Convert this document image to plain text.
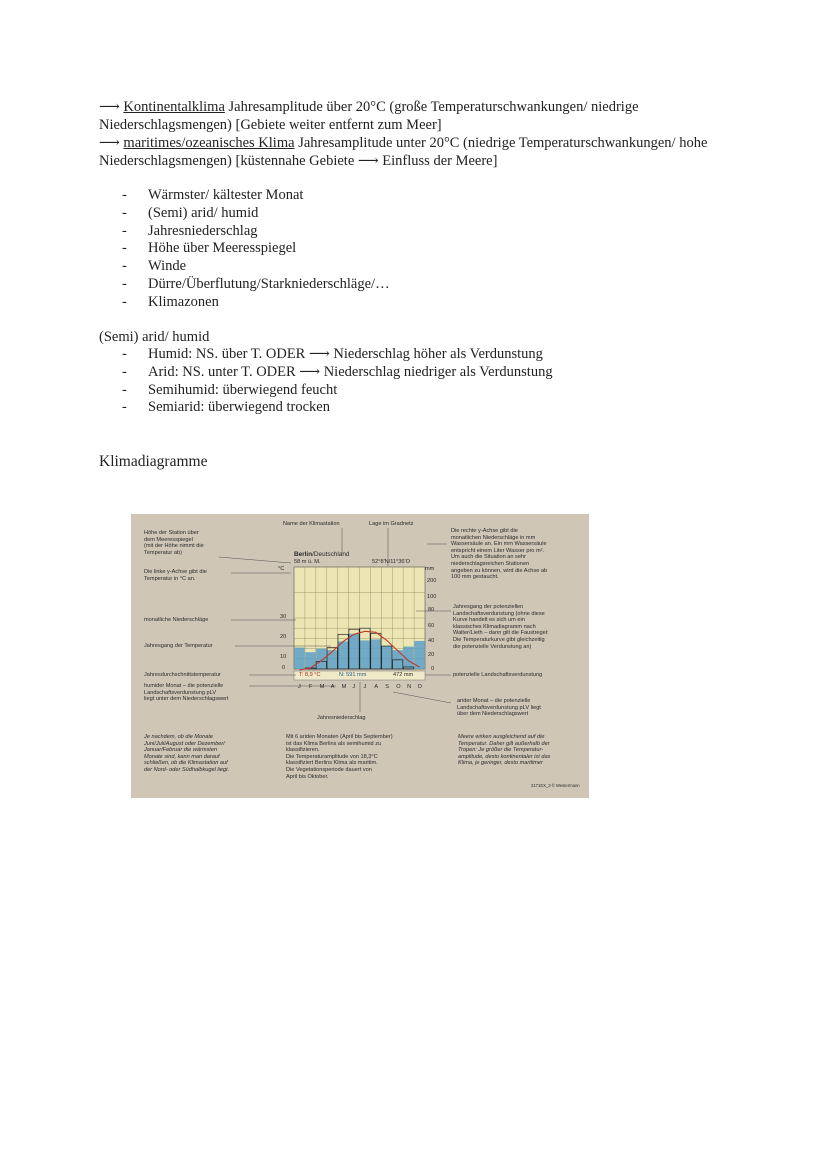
⟶ Kontinentalklima Jahresamplitude über 20°C (große Temperaturschwankungen/ niedrige Niederschlagsmengen) [Gebiete weiter entfernt zum Meer]
⟶ maritimes/ozeanisches Klima Jahresamplitude unter 20°C (niedrige Temperaturschwankungen/ hohe Niederschlagsmengen) [küstennahe Gebiete ⟶ Einfluss der Meere]
- Wärmster/ kältester Monat
- (Semi) arid/ humid
- Jahresniederschlag
- Höhe über Meeresspiegel
- Winde
- Dürre/Überflutung/Starkniederschläge/…
- Klimazonen
(Semi) arid/ humid
- Humid: NS. über T. ODER ⟶ Niederschlag höher als Verdunstung
- Arid: NS. unter T. ODER ⟶ Niederschlag niedriger als Verdunstung
- Semihumid: überwiegend feucht
- Semiarid: überwiegend trocken
Klimadiagramme
°C	mm
30
20
10
0
200
100
80
60
40
20
0
T: 8,9 °C	N: 591 mm	472 mm
J F M A M J J A S O N D
Name der Klimastation	Lage im Gradnetz
Berlin/Deutschland
58 m ü. M.	52°8'N/11°36'O
Höhe der Station über
dem Meeresspiegel
(mit der Höhe nimmt die
Temperatur ab)
Die linke y-Achse gibt die
Temperatur in °C an.
monatliche Niederschläge
Jahresgang der Temperatur
Jahresdurchschnittstemperatur
humider Monat – die potenzielle
Landschaftsverdunstung pLV
liegt unter dem Niederschlagswert
Die rechte y-Achse gibt die
monatlichen Niederschläge in mm
Wassersäule an. Ein mm Wassersäule
entspricht einem Liter Wasser pro m².
Um auch die Situation an sehr
niederschlagsreichen Stationen
angeben zu können, wird die Achse ab
100 mm gestaucht.
Jahresgang der potenziellen
Landschaftsverdunstung (ohne diese
Kurve handelt es sich um ein
klassisches Klimadiagramm nach
Walter/Lieth – dann gilt die Faustregel:
Die Temperaturkurve gibt gleichzeitig
die potenzielle Verdunstung an)
potenzielle Landschaftsverdunstung
arider Monat – die potenzielle
Landschaftsverdunstung pLV liegt
über dem Niederschlagswert
Jahresniederschlag
Je nachdem, ob die Monate
Juni/Juli/August oder Dezember/
Januar/Februar die wärmsten
Monate sind, kann man darauf
schließen, ob die Klimastation auf
der Nord- oder Südhalbkugel liegt.
Mit 6 ariden Monaten (April bis September)
ist das Klima Berlins als semihumid zu
klassifizieren.
Die Temperaturamplitude von 18,3°C
klassifiziert Berlins Klima als maritim.
Die Vegetationsperiode dauert von
April bis Oktober.
Meere wirken ausgleichend auf die
Temperatur. Daher gilt außerhalb der
Tropen: Je größer die Temperatur-
amplitude, desto kontinentaler ist das
Klima, je geringer, desto maritimer
2171EX_3 © Westermann
